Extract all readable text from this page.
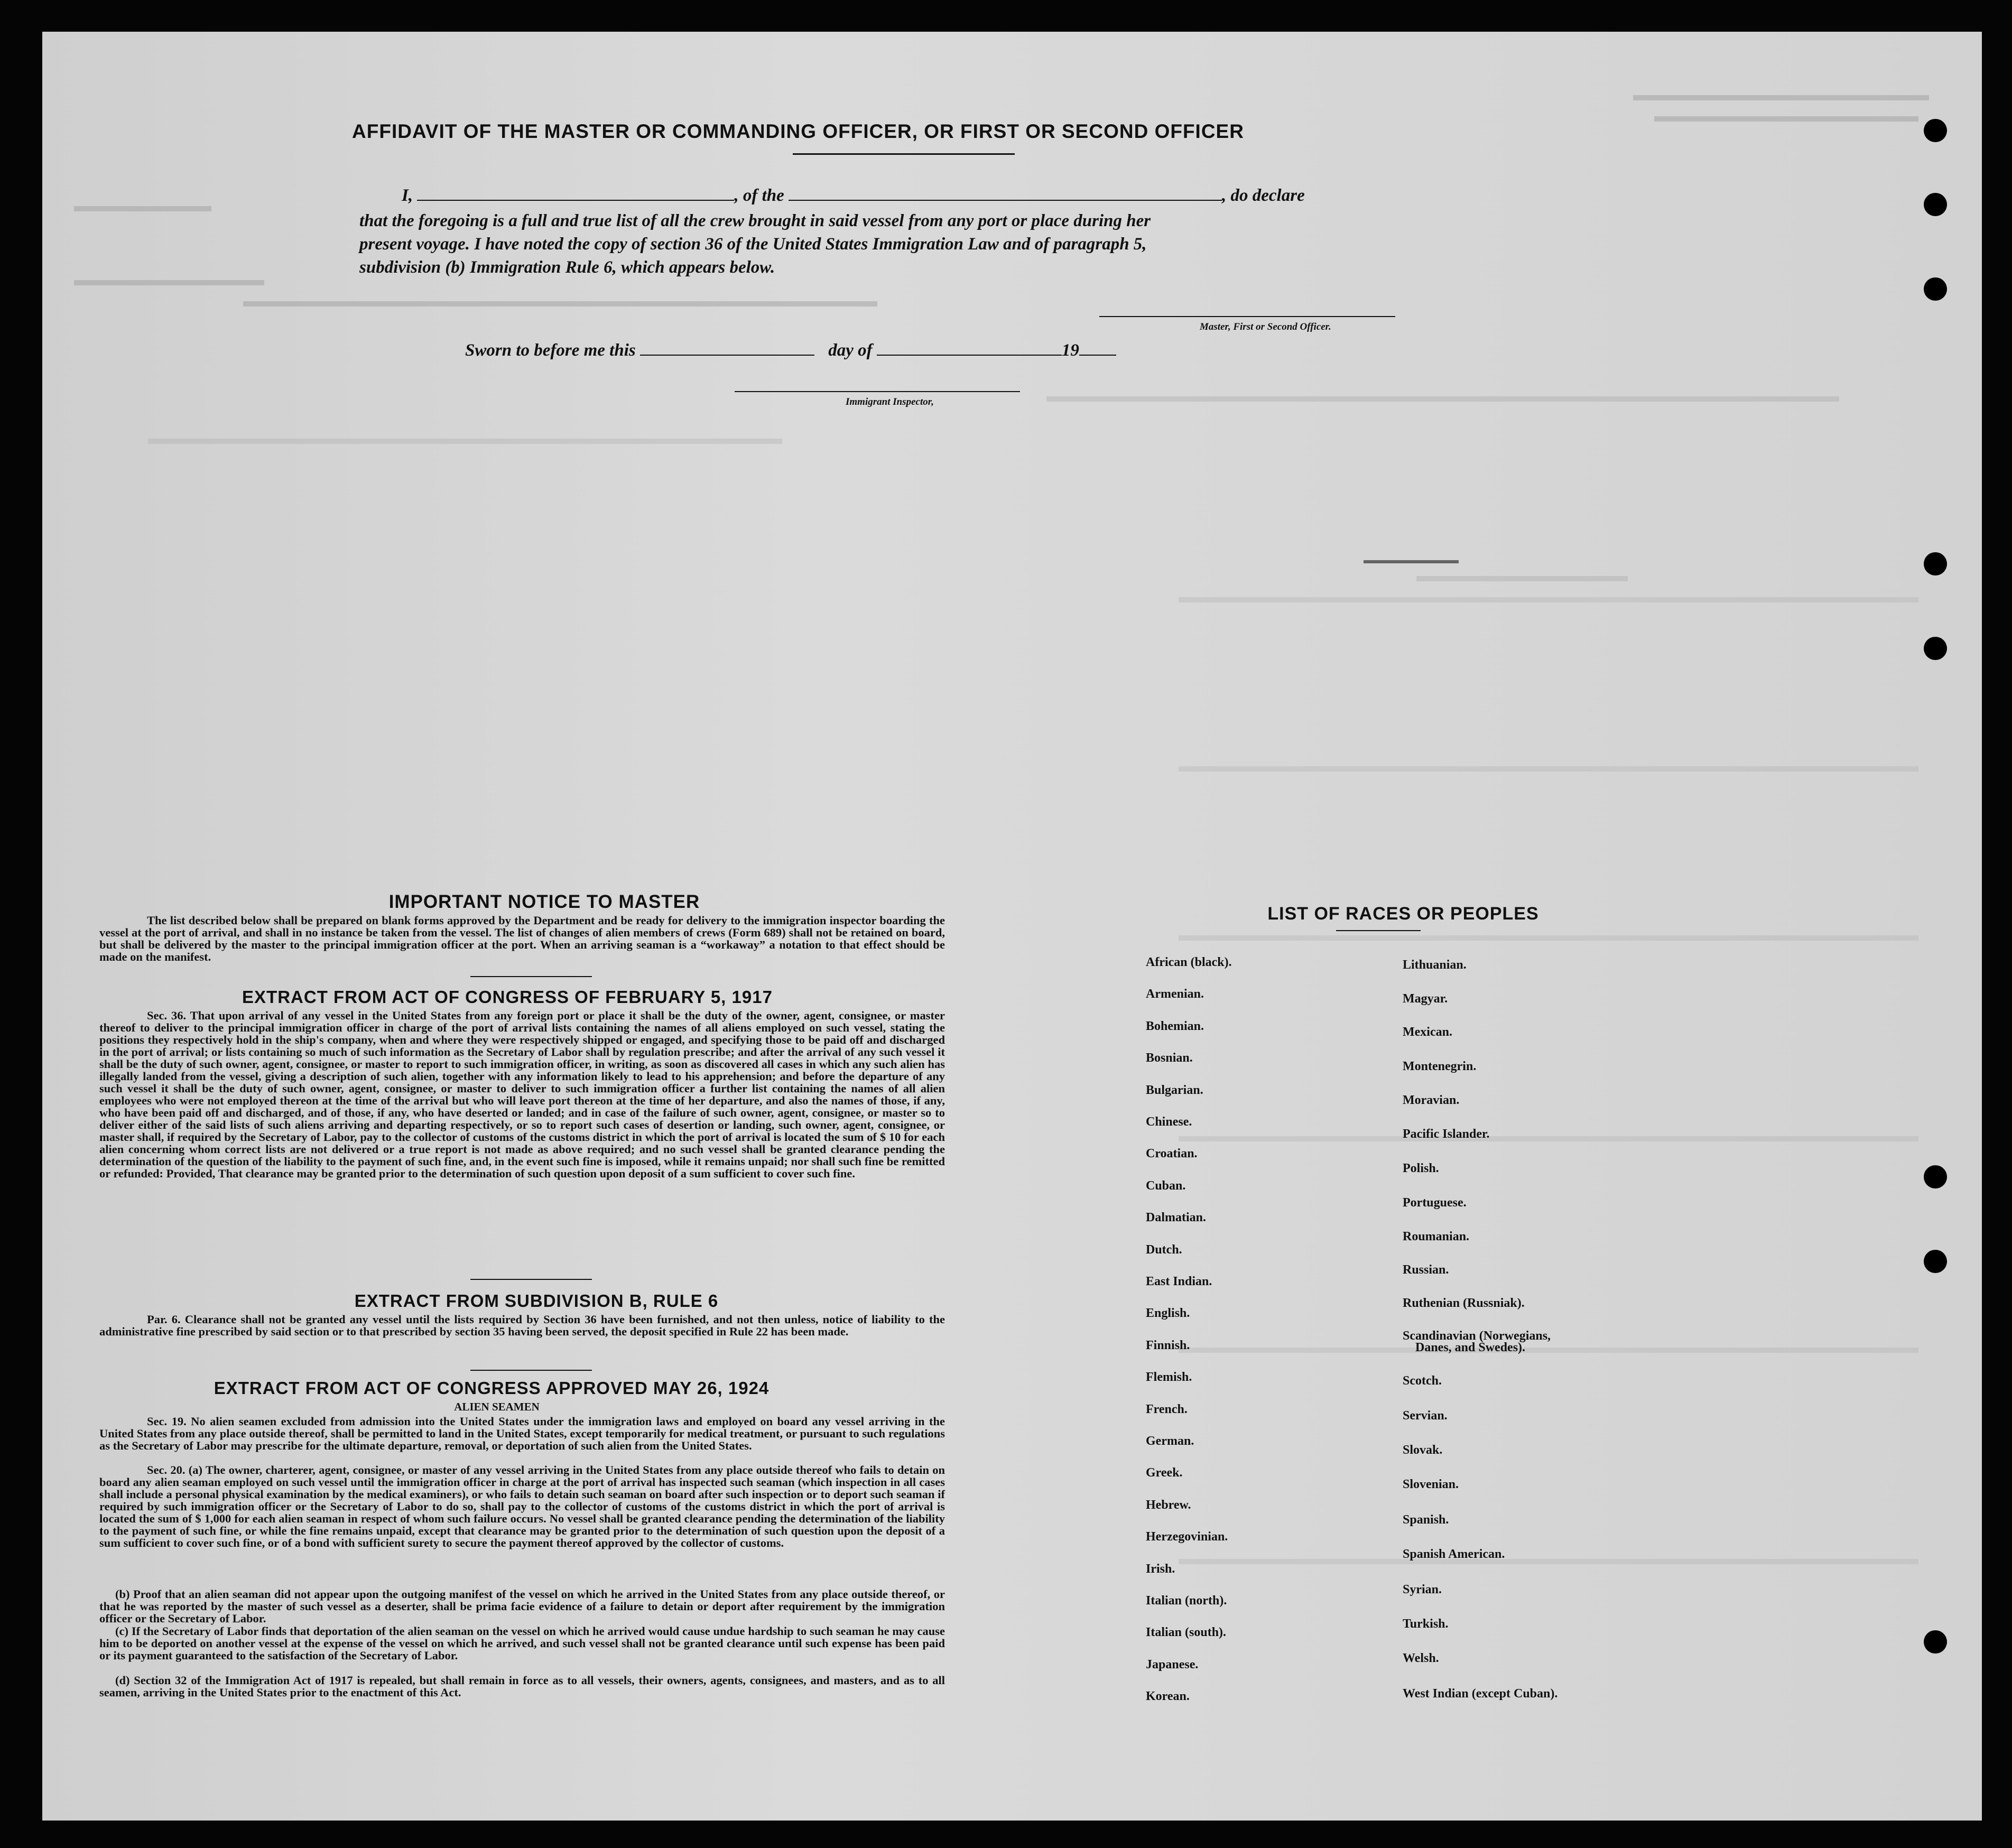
AFFIDAVIT OF THE MASTER OR COMMANDING OFFICER, OR FIRST OR SECOND OFFICER
I,	, of the	, do declare
that the foregoing is a full and true list of all the crew brought in said vessel from any port or place during her
present voyage. I have noted the copy of section 36 of the United States Immigration Law and of paragraph 5,
subdivision (b) Immigration Rule 6, which appears below.
Master, First or Second Officer.
Sworn to before me this	day of	19
Immigrant Inspector,
IMPORTANT NOTICE TO MASTER
The list described below shall be prepared on blank forms approved by the Department and be ready for delivery to the immigration inspector boarding the vessel at the port of arrival, and shall in no instance be taken from the vessel. The list of changes of alien members of crews (Form 689) shall not be retained on board, but shall be delivered by the master to the principal immigration officer at the port. When an arriving seaman is a “workaway” a notation to that effect should be made on the manifest.
EXTRACT FROM ACT OF CONGRESS OF FEBRUARY 5, 1917
Sec. 36. That upon arrival of any vessel in the United States from any foreign port or place it shall be the duty of the owner, agent, consignee, or master thereof to deliver to the principal immigration officer in charge of the port of arrival lists containing the names of all aliens employed on such vessel, stating the positions they respectively hold in the ship's company, when and where they were respectively shipped or engaged, and specifying those to be paid off and discharged in the port of arrival; or lists containing so much of such information as the Secretary of Labor shall by regulation prescribe; and after the arrival of any such vessel it shall be the duty of such owner, agent, consignee, or master to report to such immigration officer, in writing, as soon as discovered all cases in which any such alien has illegally landed from the vessel, giving a description of such alien, together with any information likely to lead to his apprehension; and before the departure of any such vessel it shall be the duty of such owner, agent, consignee, or master to deliver to such immigration officer a further list containing the names of all alien employees who were not employed thereon at the time of the arrival but who will leave port thereon at the time of her departure, and also the names of those, if any, who have been paid off and discharged, and of those, if any, who have deserted or landed; and in case of the failure of such owner, agent, consignee, or master so to deliver either of the said lists of such aliens arriving and departing respectively, or so to report such cases of desertion or landing, such owner, agent, consignee, or master shall, if required by the Secretary of Labor, pay to the collector of customs of the customs district in which the port of arrival is located the sum of $ 10 for each alien concerning whom correct lists are not delivered or a true report is not made as above required; and no such vessel shall be granted clearance pending the determination of the question of the liability to the payment of such fine, and, in the event such fine is imposed, while it remains unpaid; nor shall such fine be remitted or refunded: Provided, That clearance may be granted prior to the determination of such question upon deposit of a sum sufficient to cover such fine.
EXTRACT FROM SUBDIVISION B, RULE 6
Par. 6. Clearance shall not be granted any vessel until the lists required by Section 36 have been furnished, and not then unless, notice of liability to the administrative fine prescribed by said section or to that prescribed by section 35 having been served, the deposit specified in Rule 22 has been made.
EXTRACT FROM ACT OF CONGRESS APPROVED MAY 26, 1924
ALIEN SEAMEN
Sec. 19. No alien seamen excluded from admission into the United States under the immigration laws and employed on board any vessel arriving in the United States from any place outside thereof, shall be permitted to land in the United States, except temporarily for medical treatment, or pursuant to such regulations as the Secretary of Labor may prescribe for the ultimate departure, removal, or deportation of such alien from the United States.
Sec. 20. (a) The owner, charterer, agent, consignee, or master of any vessel arriving in the United States from any place outside thereof who fails to detain on board any alien seaman employed on such vessel until the immigration officer in charge at the port of arrival has inspected such seaman (which inspection in all cases shall include a personal physical examination by the medical examiners), or who fails to detain such seaman on board after such inspection or to deport such seaman if required by such immigration officer or the Secretary of Labor to do so, shall pay to the collector of customs of the customs district in which the port of arrival is located the sum of $ 1,000 for each alien seaman in respect of whom such failure occurs. No vessel shall be granted clearance pending the determination of the liability to the payment of such fine, or while the fine remains unpaid, except that clearance may be granted prior to the determination of such question upon the deposit of a sum sufficient to cover such fine, or of a bond with sufficient surety to secure the payment thereof approved by the collector of customs.
(b) Proof that an alien seaman did not appear upon the outgoing manifest of the vessel on which he arrived in the United States from any place outside thereof, or that he was reported by the master of such vessel as a deserter, shall be prima facie evidence of a failure to detain or deport after requirement by the immigration officer or the Secretary of Labor.
(c) If the Secretary of Labor finds that deportation of the alien seaman on the vessel on which he arrived would cause undue hardship to such seaman he may cause him to be deported on another vessel at the expense of the vessel on which he arrived, and such vessel shall not be granted clearance until such expense has been paid or its payment guaranteed to the satisfaction of the Secretary of Labor.
(d) Section 32 of the Immigration Act of 1917 is repealed, but shall remain in force as to all vessels, their owners, agents, consignees, and masters, and as to all seamen, arriving in the United States prior to the enactment of this Act.
LIST OF RACES OR PEOPLES
Danes, and Swedes).
African (black).
Armenian.
Bohemian.
Bosnian.
Bulgarian.
Chinese.
Croatian.
Cuban.
Dalmatian.
Dutch.
East Indian.
English.
Finnish.
Flemish.
French.
German.
Greek.
Hebrew.
Herzegovinian.
Irish.
Italian (north).
Italian (south).
Japanese.
Korean.
Lithuanian.
Magyar.
Mexican.
Montenegrin.
Moravian.
Pacific Islander.
Polish.
Portuguese.
Roumanian.
Russian.
Ruthenian (Russniak).
Scandinavian (Norwegians,
Scotch.
Servian.
Slovak.
Slovenian.
Spanish.
Spanish American.
Syrian.
Turkish.
Welsh.
West Indian (except Cuban).
